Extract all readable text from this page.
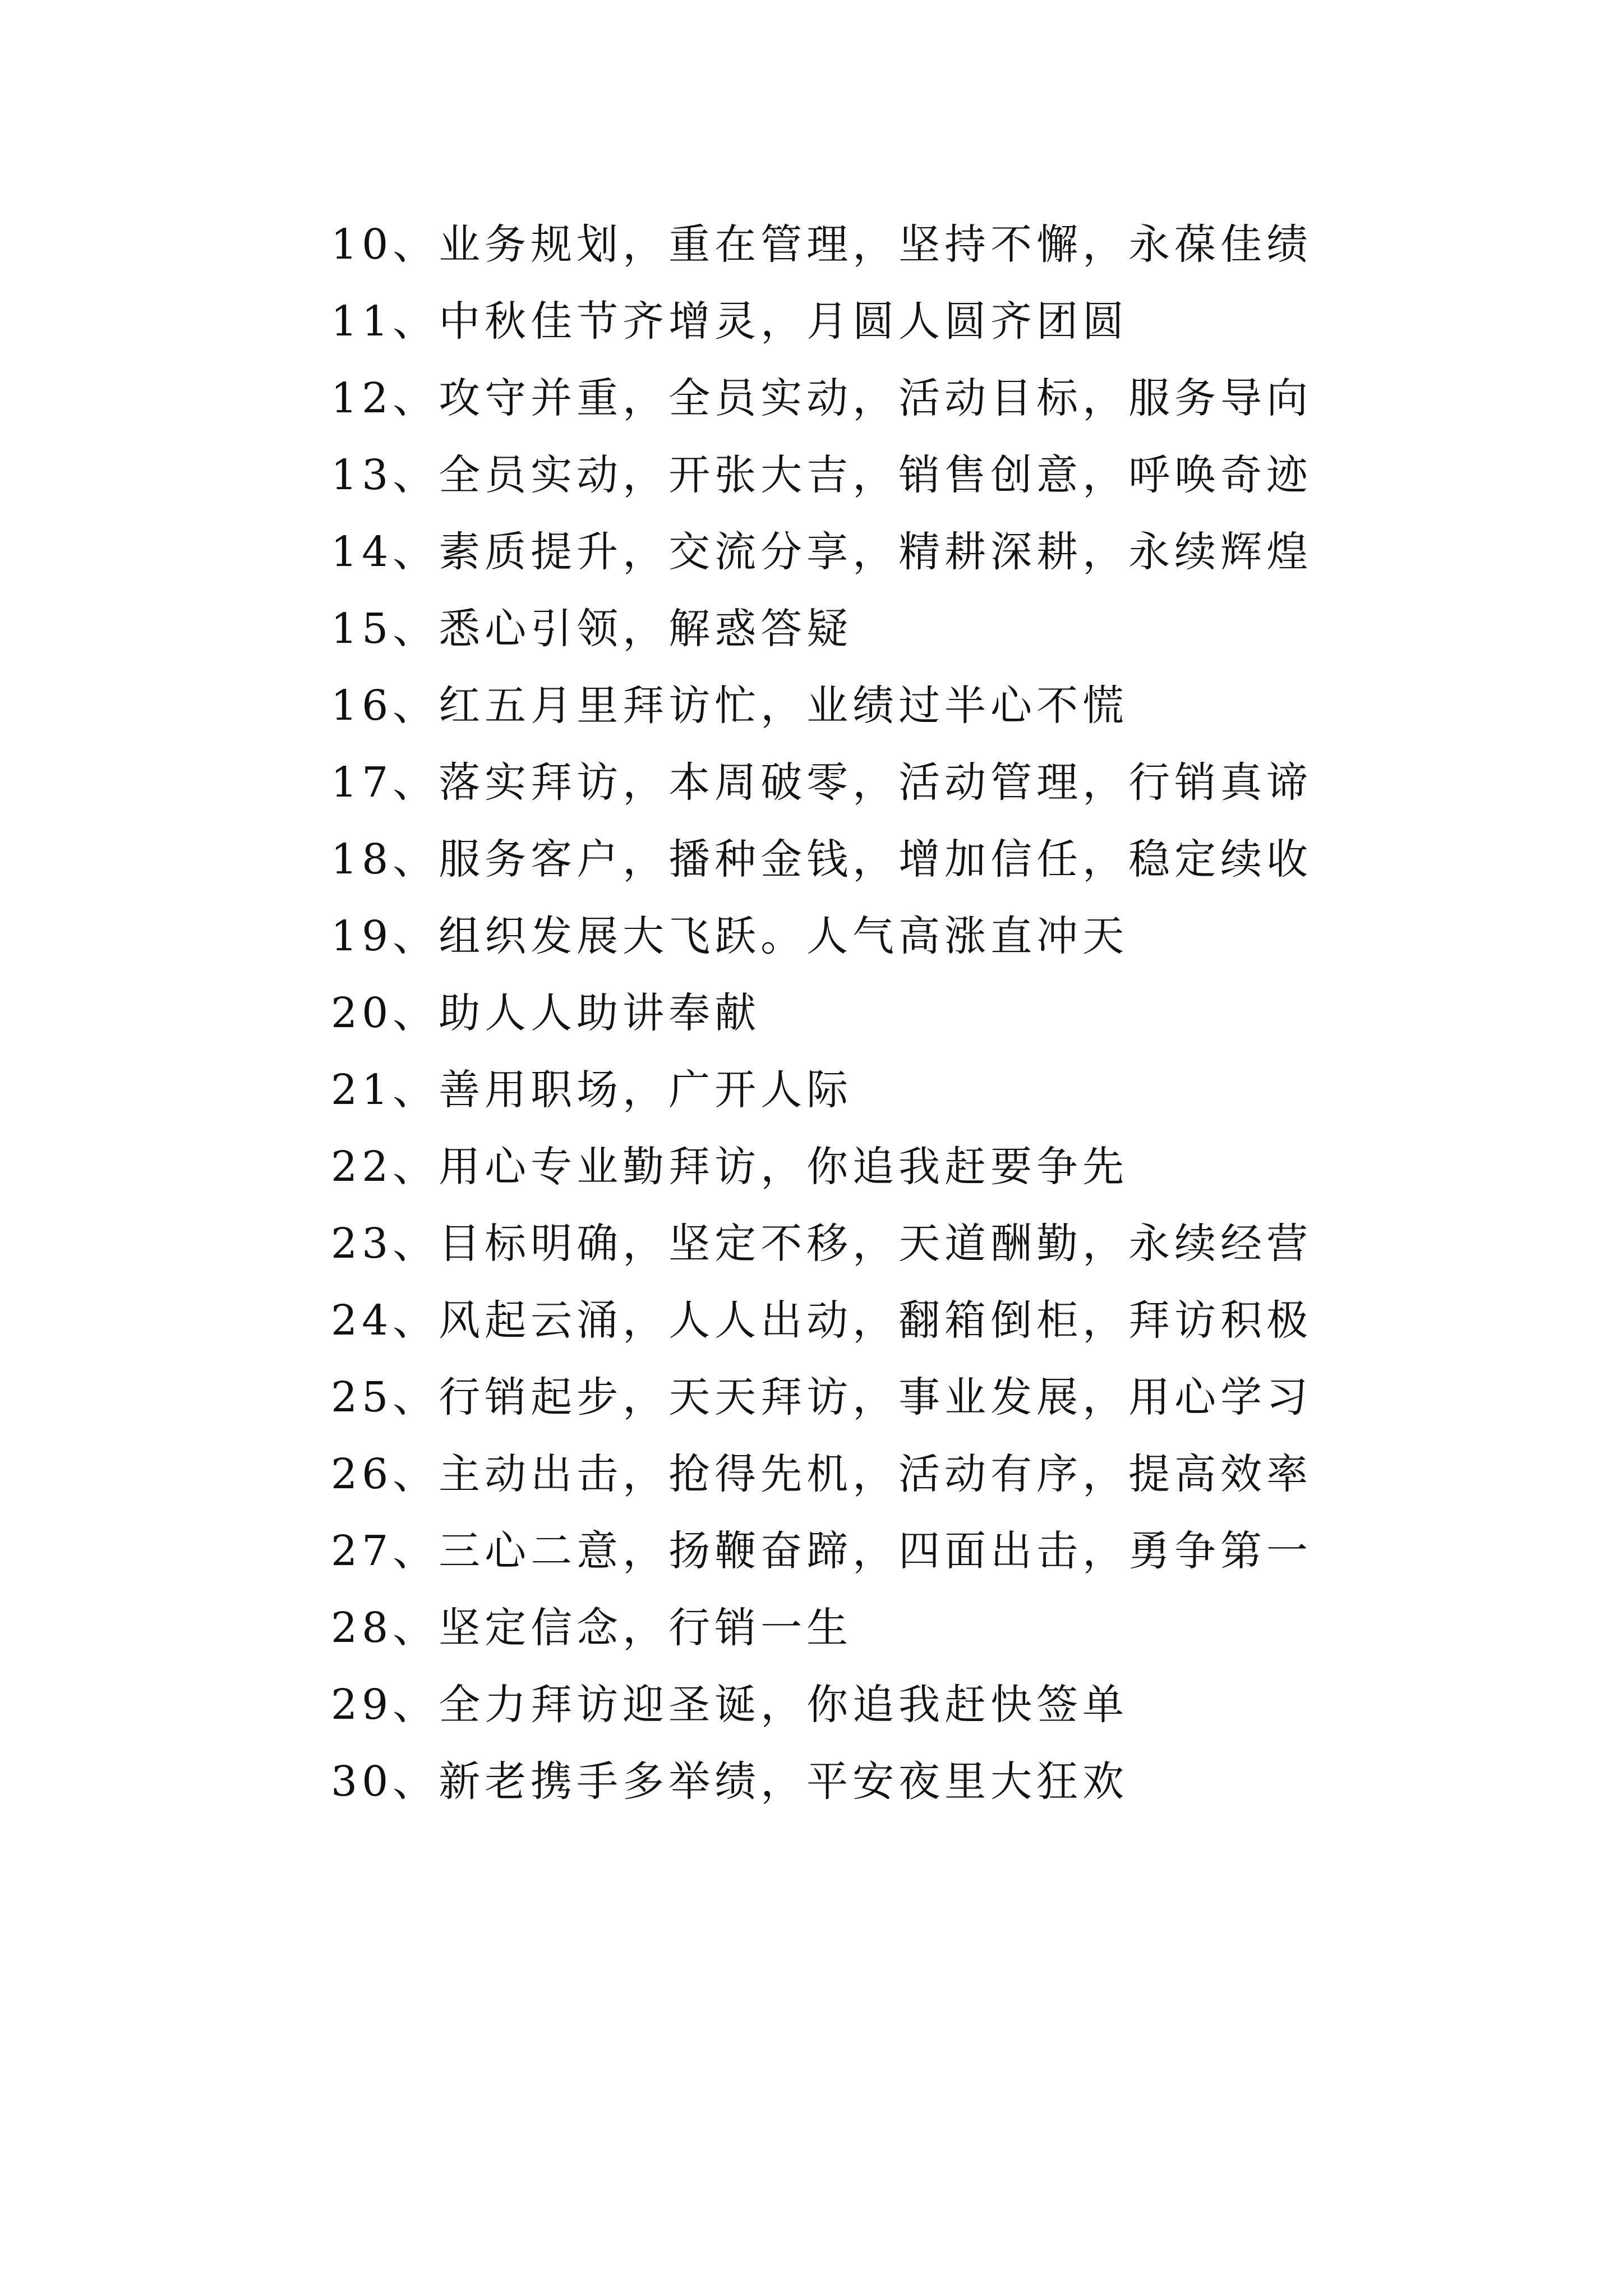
10、业务规划，重在管理，坚持不懈，永葆佳绩
11、中秋佳节齐增灵，月圆人圆齐团圆
12、攻守并重，全员实动，活动目标，服务导向
13、全员实动，开张大吉，销售创意，呼唤奇迹
14、素质提升，交流分享，精耕深耕，永续辉煌
15、悉心引领，解惑答疑
16、红五月里拜访忙，业绩过半心不慌
17、落实拜访，本周破零，活动管理，行销真谛
18、服务客户，播种金钱，增加信任，稳定续收
19、组织发展大飞跃。人气高涨直冲天
20、助人人助讲奉献
21、善用职场，广开人际
22、用心专业勤拜访，你追我赶要争先
23、目标明确，坚定不移，天道酬勤，永续经营
24、风起云涌，人人出动，翻箱倒柜，拜访积极
25、行销起步，天天拜访，事业发展，用心学习
26、主动出击，抢得先机，活动有序，提高效率
27、三心二意，扬鞭奋蹄，四面出击，勇争第一
28、坚定信念，行销一生
29、全力拜访迎圣诞，你追我赶快签单
30、新老携手多举绩，平安夜里大狂欢
